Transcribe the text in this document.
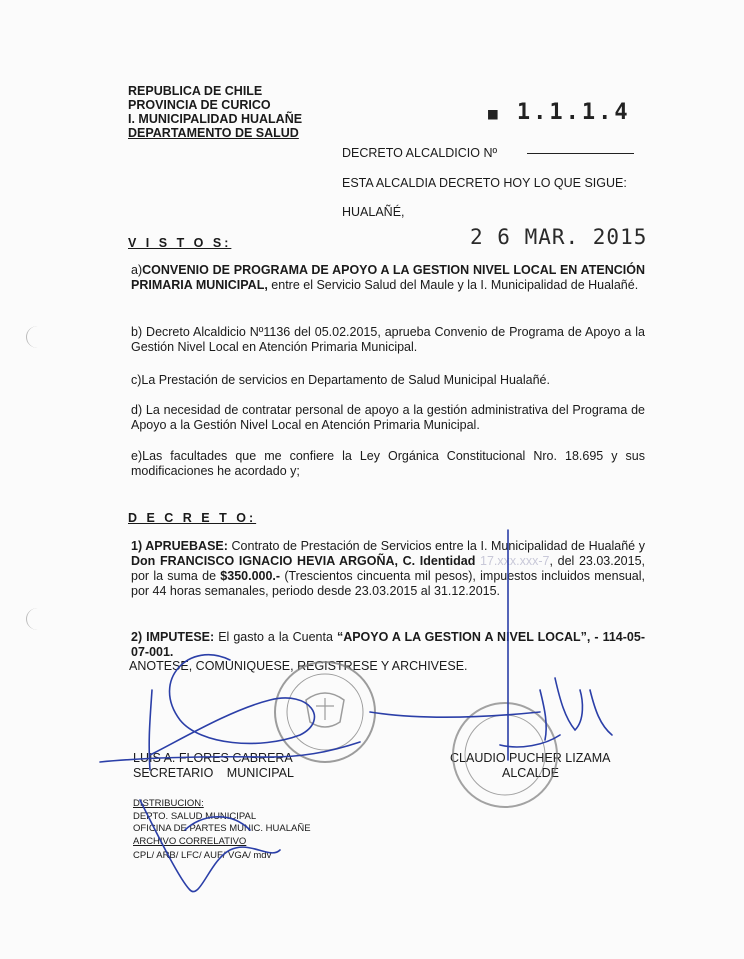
REPUBLICA DE CHILE
PROVINCIA DE CURICO
I. MUNICIPALIDAD HUALAÑE
DEPARTAMENTO DE SALUD
■ 1.1.1.4
DECRETO ALCALDICIO Nº
ESTA ALCALDIA DECRETO HOY LO QUE SIGUE:
HUALAÑÉ,
2 6 MAR. 2015
V I S T O S:
a)CONVENIO DE PROGRAMA DE APOYO A LA GESTION NIVEL LOCAL EN ATENCIÓN PRIMARIA MUNICIPAL, entre el Servicio Salud del Maule y la I. Municipalidad de Hualañé.
b) Decreto Alcaldicio Nº1136 del 05.02.2015, aprueba Convenio de Programa de Apoyo a la Gestión Nivel Local en Atención Primaria Municipal.
c)La Prestación de servicios en Departamento de Salud Municipal Hualañé.
d) La necesidad de contratar personal de apoyo a la gestión administrativa del Programa de Apoyo a la Gestión Nivel Local en Atención Primaria Municipal.
e)Las facultades que me confiere la Ley Orgánica Constitucional Nro. 18.695 y sus modificaciones he acordado y;
D E C R E T O:
1) APRUEBASE: Contrato de Prestación de Servicios entre la I. Municipalidad de Hualañé y Don FRANCISCO IGNACIO HEVIA ARGOÑA, C. Identidad 17.xxx.xxx-7, del 23.03.2015, por la suma de $350.000.- (Trescientos cincuenta mil pesos), impuestos incluidos mensual, por 44 horas semanales, periodo desde 23.03.2015 al 31.12.2015.
2) IMPUTESE: El gasto a la Cuenta “APOYO A LA GESTION A NIVEL LOCAL”, - 114-05-07-001.
ANOTESE, COMUNIQUESE, REGISTRESE Y ARCHIVESE.
LUIS A. FLORES CABRERA
SECRETARIO MUNICIPAL
CLAUDIO PUCHER LIZAMA
ALCALDE
DISTRIBUCION:
DEPTO. SALUD MUNICIPAL
OFICINA DE PARTES MUNIC. HUALAÑE
ARCHIVO CORRELATIVO
CPL/ ARB/ LFC/ AUF/ VGA/ mdv
